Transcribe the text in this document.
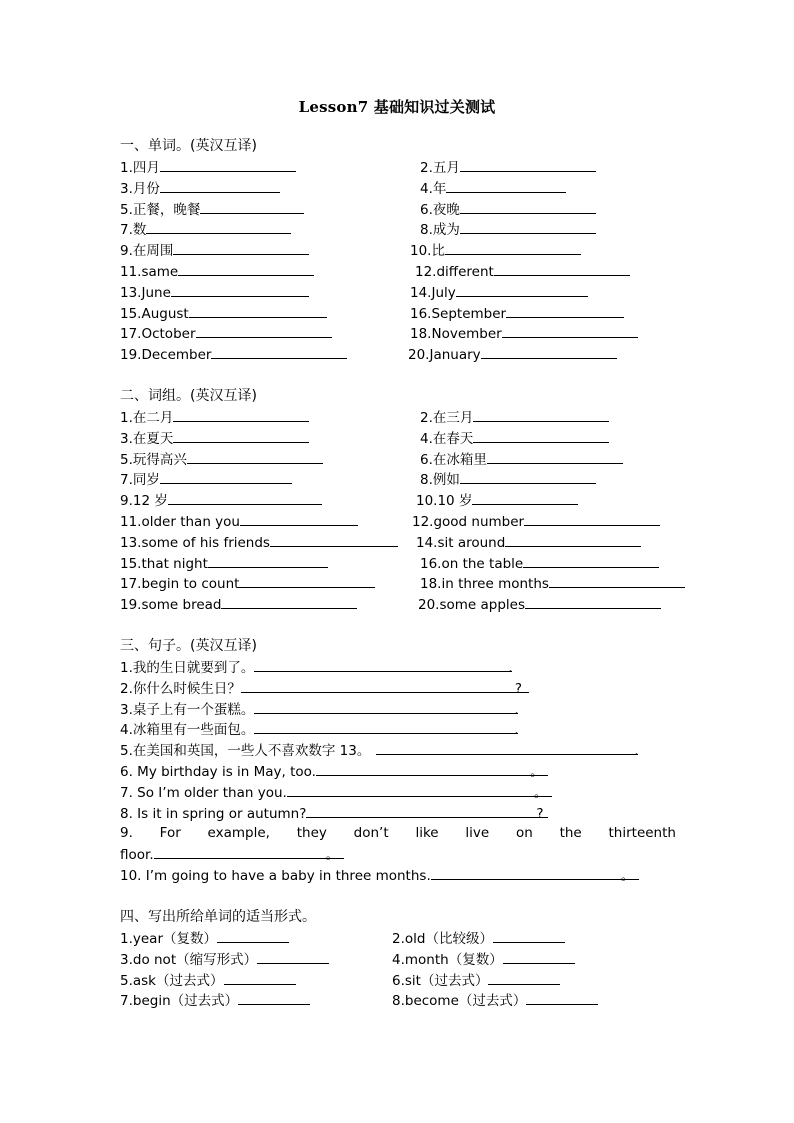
Lesson7 基础知识过关测试
一、单词。(英汉互译)
1.四月	2.五月
3.月份	4.年
5.正餐，晚餐	6.夜晚
7.数	8.成为
9.在周围	10.比
11.same	12.different
13.June	14.July
15.August	16.September
17.October	18.November
19.December	20.January
二、词组。(英汉互译)
1.在二月	2.在三月
3.在夏天	4.在春天
5.玩得高兴	6.在冰箱里
7.同岁	8.例如
9.12 岁	10.10 岁
11.older than you	12.good number
13.some of his friends	14.sit around
15.that night	16.on the table
17.begin to count	18.in three months
19.some bread	20.some apples
三、句子。(英汉互译)
1.我的生日就要到了。	.
2.你什么时候生日？	?
3.桌子上有一个蛋糕。	.
4.冰箱里有一些面包。	.
5.在美国和英国，一些人不喜欢数字 13。	.
6. My birthday is in May, too.	。
7. So I’m older than you.	。
8. Is it in spring or autumn?	?
9. For example, they don’t like live on the thirteenth
floor.	。
10. I’m going to have a baby in three months.	。
四、写出所给单词的适当形式。
1.year（复数）	2.old（比较级）
3.do not（缩写形式）	4.month（复数）
5.ask（过去式）	6.sit（过去式）
7.begin（过去式）	8.become（过去式）
